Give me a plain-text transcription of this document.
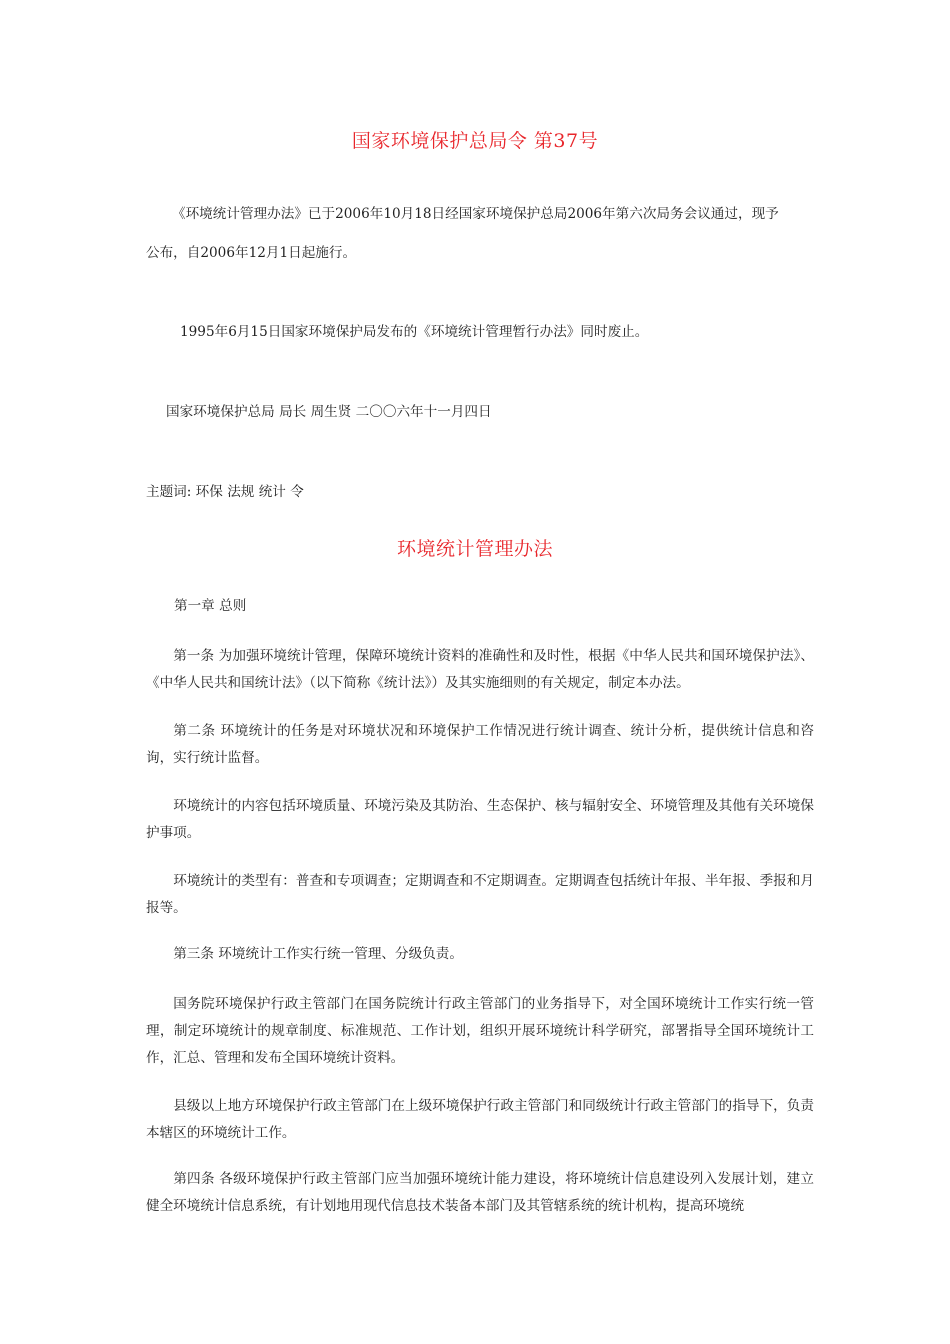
国家环境保护总局令 第37号
《环境统计管理办法》已于2006年10月18日经国家环境保护总局2006年第六次局务会议通过，现予
公布，自2006年12月1日起施行。
1995年6月15日国家环境保护局发布的《环境统计管理暂行办法》同时废止。
国家环境保护总局 局长 周生贤 二〇〇六年十一月四日
主题词: 环保 法规 统计 令
环境统计管理办法
第一章 总则
第一条 为加强环境统计管理，保障环境统计资料的准确性和及时性，根据《中华人民共和国环境保护法》、《中华人民共和国统计法》（以下简称《统计法》）及其实施细则的有关规定，制定本办法。
第二条 环境统计的任务是对环境状况和环境保护工作情况进行统计调查、统计分析，提供统计信息和咨询，实行统计监督。
环境统计的内容包括环境质量、环境污染及其防治、生态保护、核与辐射安全、环境管理及其他有关环境保护事项。
环境统计的类型有：普查和专项调查；定期调查和不定期调查。定期调查包括统计年报、半年报、季报和月报等。
第三条 环境统计工作实行统一管理、分级负责。
国务院环境保护行政主管部门在国务院统计行政主管部门的业务指导下，对全国环境统计工作实行统一管理，制定环境统计的规章制度、标准规范、工作计划，组织开展环境统计科学研究，部署指导全国环境统计工作，汇总、管理和发布全国环境统计资料。
县级以上地方环境保护行政主管部门在上级环境保护行政主管部门和同级统计行政主管部门的指导下，负责本辖区的环境统计工作。
第四条 各级环境保护行政主管部门应当加强环境统计能力建设，将环境统计信息建设列入发展计划，建立健全环境统计信息系统，有计划地用现代信息技术装备本部门及其管辖系统的统计机构，提高环境统
